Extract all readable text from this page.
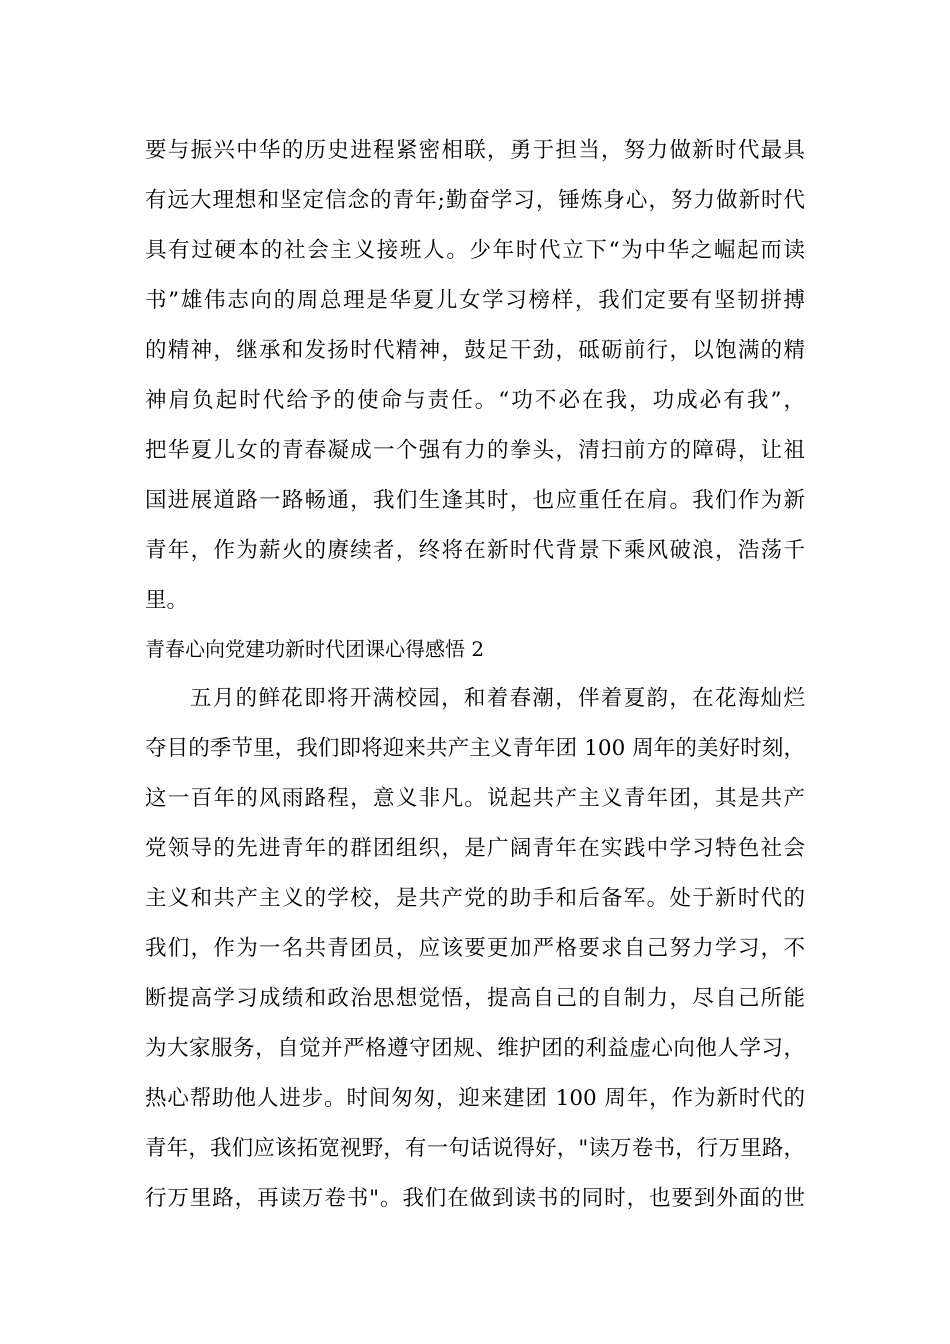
要与振兴中华的历史进程紧密相联，勇于担当，努力做新时代最具
有远大理想和坚定信念的青年;勤奋学习，锤炼身心，努力做新时代
具有过硬本的社会主义接班人。少年时代立下“为中华之崛起而读
书”雄伟志向的周总理是华夏儿女学习榜样，我们定要有坚韧拼搏
的精神，继承和发扬时代精神，鼓足干劲，砥砺前行，以饱满的精
神肩负起时代给予的使命与责任。“功不必在我，功成必有我”，
把华夏儿女的青春凝成一个强有力的拳头，清扫前方的障碍，让祖
国进展道路一路畅通，我们生逢其时，也应重任在肩。我们作为新
青年，作为薪火的赓续者，终将在新时代背景下乘风破浪，浩荡千
里。
青春心向党建功新时代团课心得感悟 2
五月的鲜花即将开满校园，和着春潮，伴着夏韵，在花海灿烂
夺目的季节里，我们即将迎来共产主义青年团 100 周年的美好时刻，
这一百年的风雨路程，意义非凡。说起共产主义青年团，其是共产
党领导的先进青年的群团组织，是广阔青年在实践中学习特色社会
主义和共产主义的学校，是共产党的助手和后备军。处于新时代的
我们，作为一名共青团员，应该要更加严格要求自己努力学习，不
断提高学习成绩和政治思想觉悟，提高自己的自制力，尽自己所能
为大家服务，自觉并严格遵守团规、维护团的利益虚心向他人学习，
热心帮助他人进步。时间匆匆，迎来建团 100 周年，作为新时代的
青年，我们应该拓宽视野，有一句话说得好，"读万卷书，行万里路，
行万里路，再读万卷书"。我们在做到读书的同时，也要到外面的世
